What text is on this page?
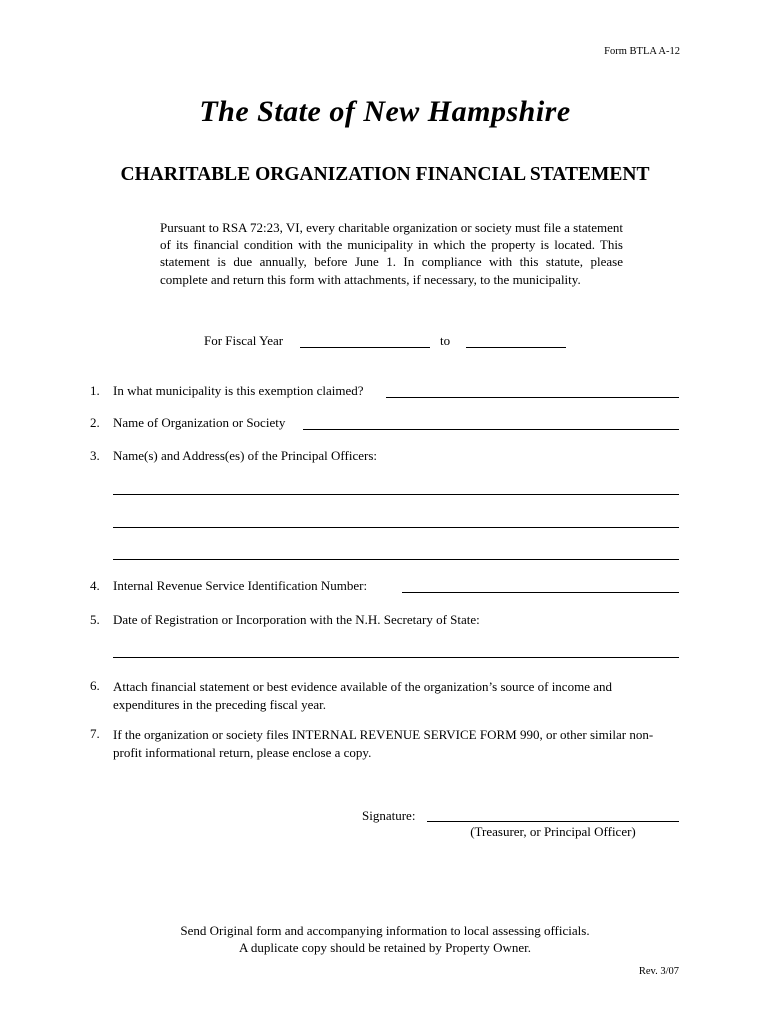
Form BTLA A-12
The State of New Hampshire
CHARITABLE ORGANIZATION FINANCIAL STATEMENT

Pursuant to RSA 72:23, VI, every charitable organization or society must file a statement of its financial condition with the municipality in which the property is located. This statement is due annually, before June 1. In compliance with this statute, please complete and return this form with attachments, if necessary, to the municipality.

For Fiscal Year	to
1. In what municipality is this exemption claimed?
2. Name of Organization or Society
3. Name(s) and Address(es) of the Principal Officers:
4. Internal Revenue Service Identification Number:
5. Date of Registration or Incorporation with the N.H. Secretary of State:
6. Attach financial statement or best evidence available of the organization’s source of income and expenditures in the preceding fiscal year.
7. If the organization or society files INTERNAL REVENUE SERVICE FORM 990, or other similar non-profit informational return, please enclose a copy.
Signature:
(Treasurer, or Principal Officer)
Send Original form and accompanying information to local assessing officials.
A duplicate copy should be retained by Property Owner.
Rev. 3/07
